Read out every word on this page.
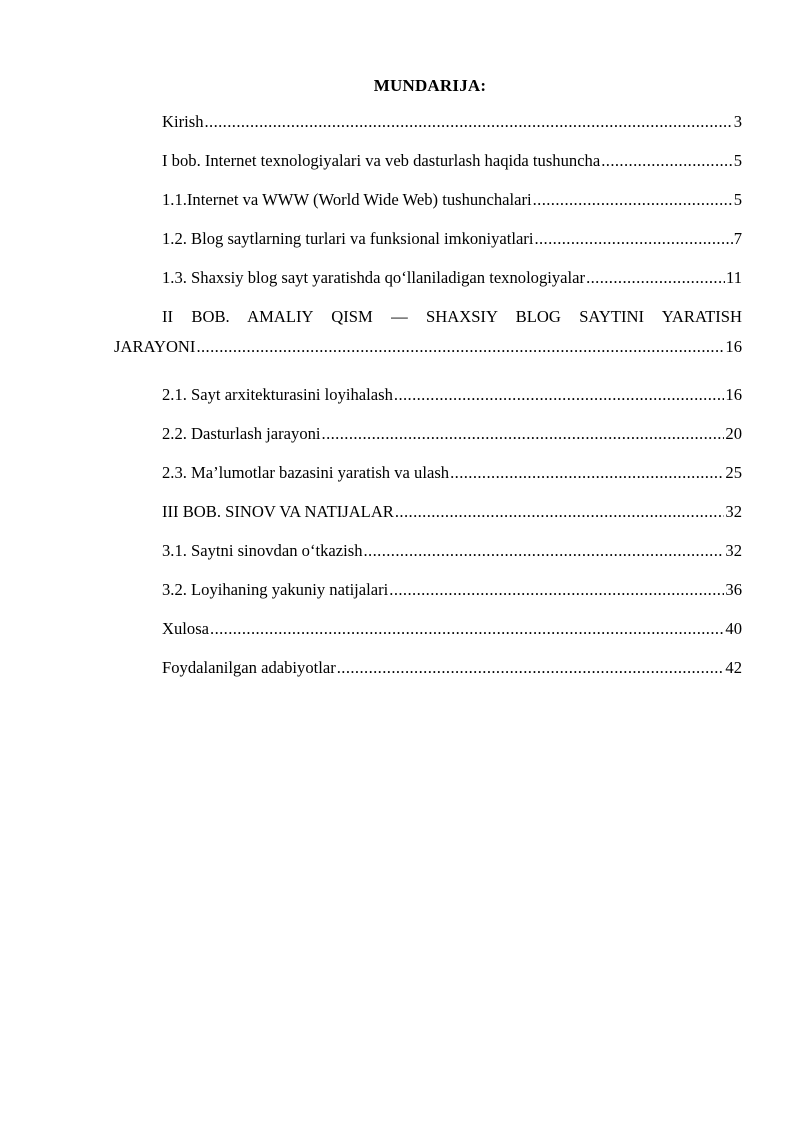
MUNDARIJA:
Kirish .....	3
I bob. Internet texnologiyalari va veb dasturlash haqida tushuncha .....	5
1.1.Internet va WWW (World Wide Web) tushunchalari .....	5
1.2. Blog saytlarning turlari va funksional imkoniyatlari .....	7
1.3. Shaxsiy blog sayt yaratishda qo‘llaniladigan texnologiyalar .....	11
II BOB. AMALIY QISM — SHAXSIY BLOG SAYTINI YARATISH
JARAYONI .....	16
2.1. Sayt arxitekturasini loyihalash .....	16
2.2. Dasturlash jarayoni .....	20
2.3. Ma’lumotlar bazasini yaratish va ulash .....	25
III BOB. SINOV VA NATIJALAR .....	32
3.1. Saytni sinovdan o‘tkazish .....	32
3.2. Loyihaning yakuniy natijalari .....	36
Xulosa .....	40
Foydalanilgan adabiyotlar .....	42
